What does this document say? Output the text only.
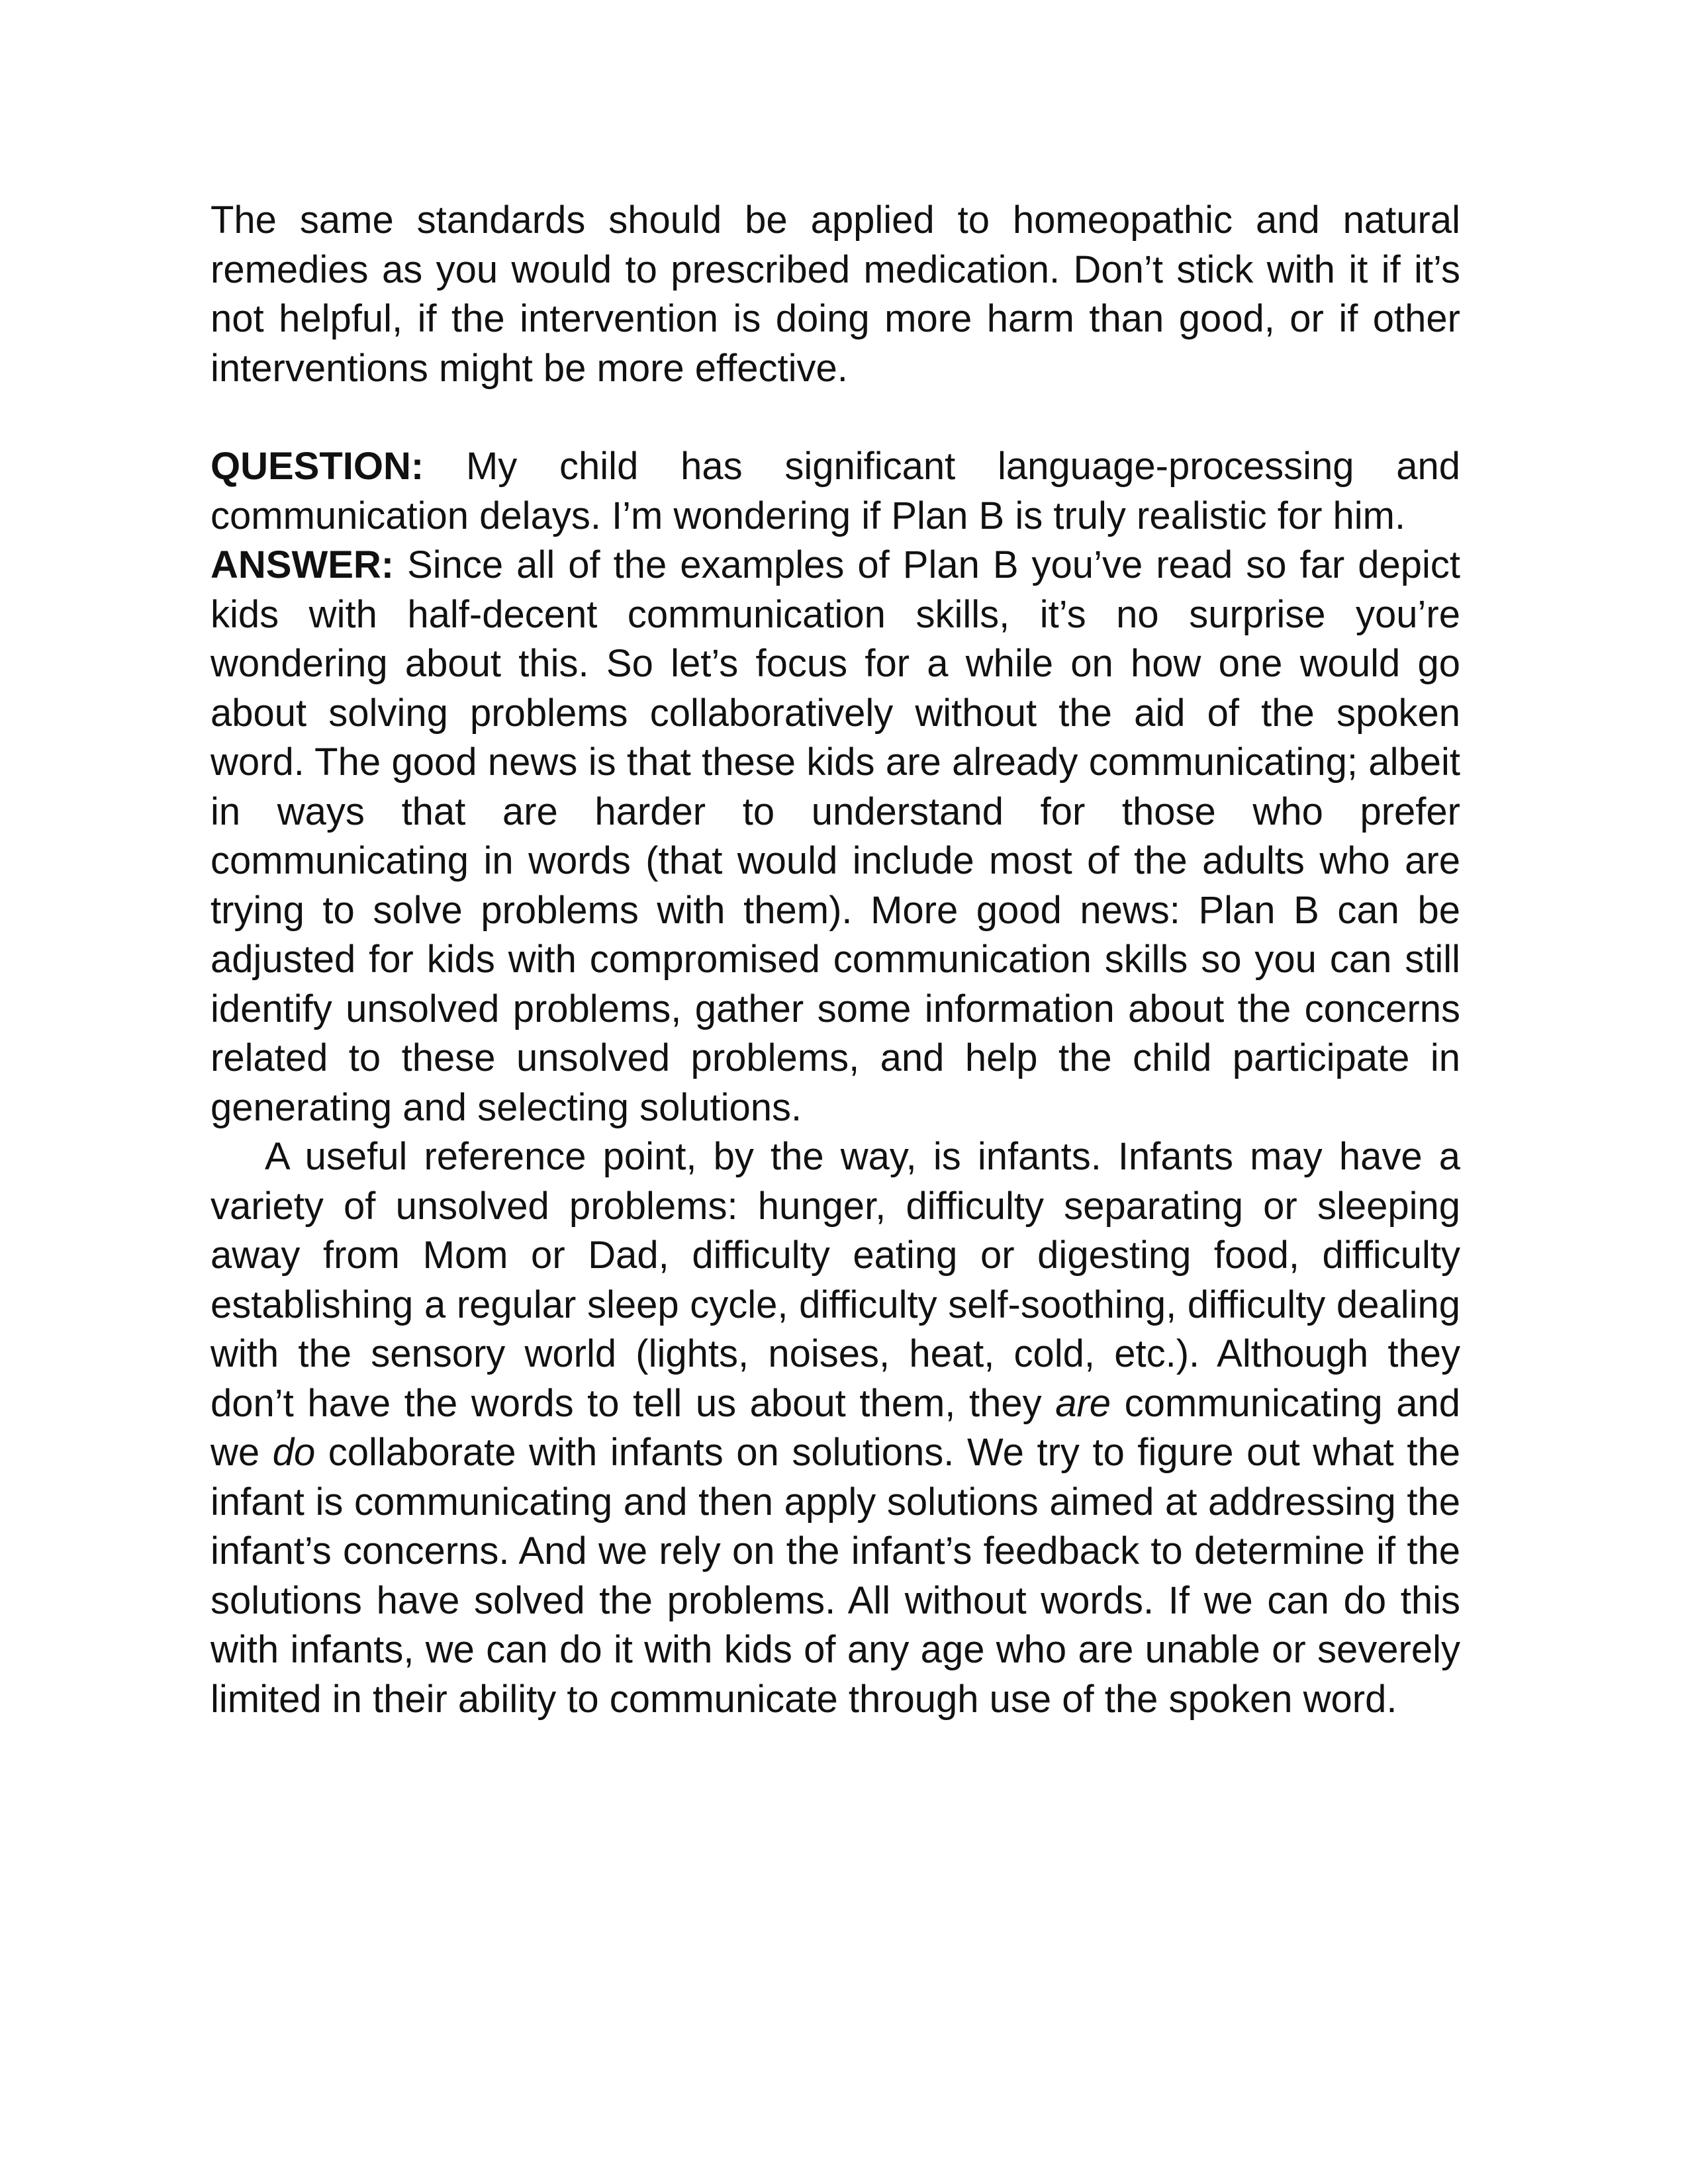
The same standards should be applied to homeopathic and natural remedies as you would to prescribed medication. Don’t stick with it if it’s not helpful, if the intervention is doing more harm than good, or if other interventions might be more effective.

QUESTION: My child has significant language-processing and communication delays. I’m wondering if Plan B is truly realistic for him.

ANSWER: Since all of the examples of Plan B you’ve read so far depict kids with half-decent communication skills, it’s no surprise you’re wondering about this. So let’s focus for a while on how one would go about solving problems collaboratively without the aid of the spoken word. The good news is that these kids are already communicating; albeit in ways that are harder to understand for those who prefer communicating in words (that would include most of the adults who are trying to solve problems with them). More good news: Plan B can be adjusted for kids with compromised communication skills so you can still identify unsolved problems, gather some information about the concerns related to these unsolved problems, and help the child participate in generating and selecting solutions.

A useful reference point, by the way, is infants. Infants may have a variety of unsolved problems: hunger, difficulty separating or sleeping away from Mom or Dad, difficulty eating or digesting food, difficulty establishing a regular sleep cycle, difficulty self-soothing, difficulty dealing with the sensory world (lights, noises, heat, cold, etc.). Although they don’t have the words to tell us about them, they are communicating and we do collaborate with infants on solutions. We try to figure out what the infant is communicating and then apply solutions aimed at addressing the infant’s concerns. And we rely on the infant’s feedback to determine if the solutions have solved the problems. All without words. If we can do this with infants, we can do it with kids of any age who are unable or severely limited in their ability to communicate through use of the spoken word.
